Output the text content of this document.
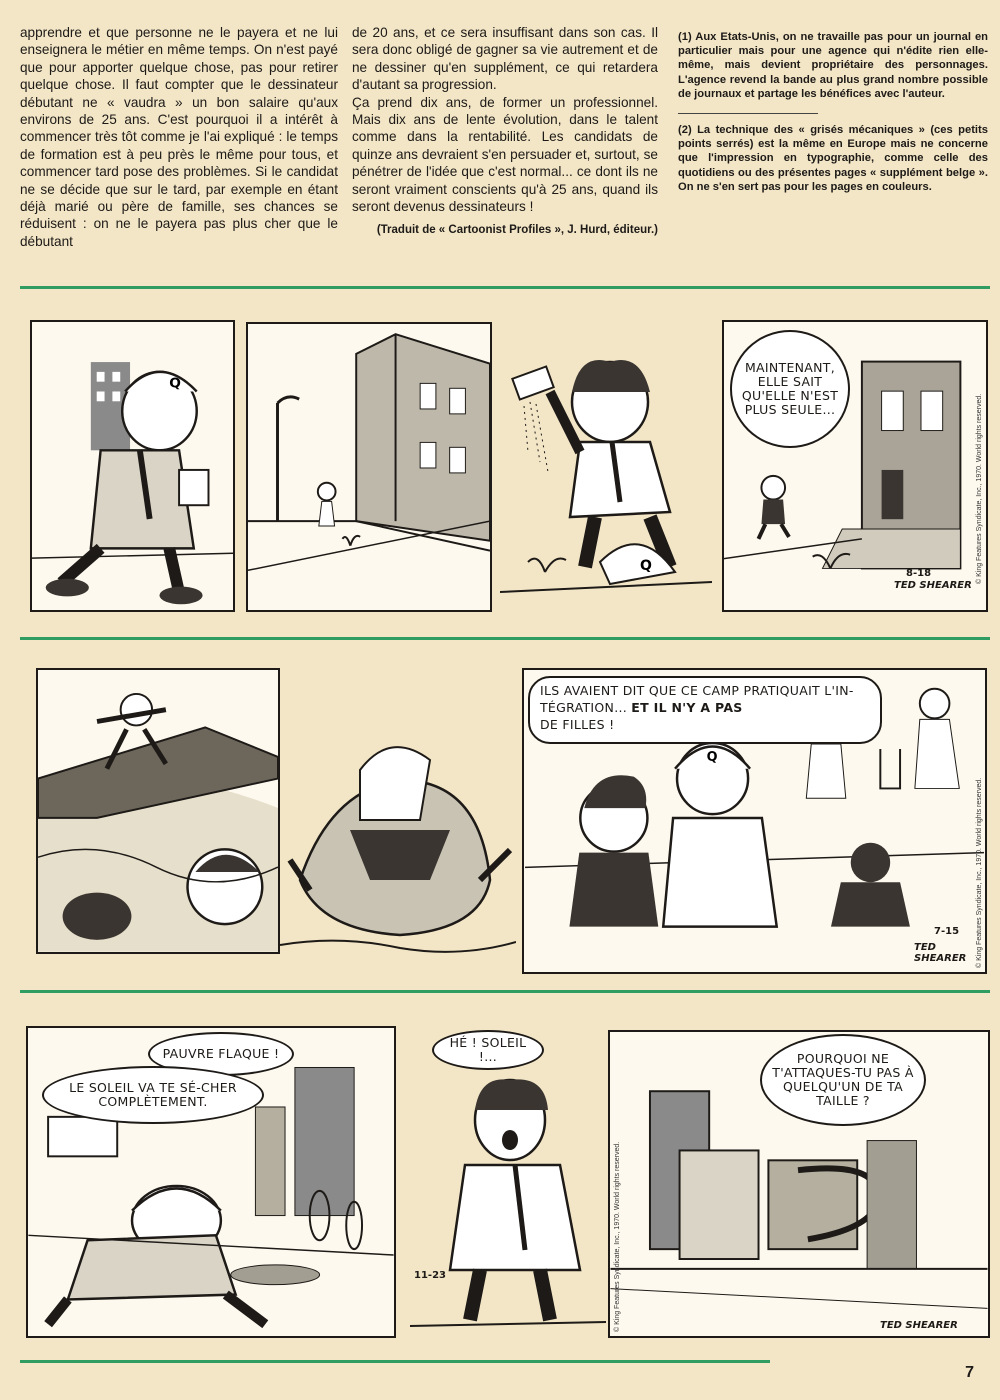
apprendre et que personne ne le payera et ne lui enseignera le métier en même temps. On n'est payé que pour apporter quelque chose, pas pour retirer quelque chose. Il faut compter que le dessinateur débutant ne « vaudra » un bon salaire qu'aux environs de 25 ans. C'est pourquoi il a intérêt à commencer très tôt comme je l'ai expliqué : le temps de formation est à peu près le même pour tous, et commencer tard pose des problèmes. Si le candidat ne se décide que sur le tard, par exemple en étant déjà marié ou père de famille, ses chances se réduisent : on ne le payera pas plus cher que le débutant

de 20 ans, et ce sera insuffisant dans son cas. Il sera donc obligé de gagner sa vie autrement et de ne dessiner qu'en supplément, ce qui retardera d'autant sa progression.

Ça prend dix ans, de former un professionnel. Mais dix ans de lente évolution, dans le talent comme dans la rentabilité. Les candidats de quinze ans devraient s'en persuader et, surtout, se pénétrer de l'idée que c'est normal... ce dont ils ne seront vraiment conscients qu'à 25 ans, quand ils seront devenus dessinateurs !

(Traduit de « Cartoonist Profiles », J. Hurd, éditeur.)

(1) Aux Etats-Unis, on ne travaille pas pour un journal en particulier mais pour une agence qui n'édite rien elle-même, mais devient propriétaire des personnages. L'agence revend la bande au plus grand nombre possible de journaux et partage les bénéfices avec l'auteur.

(2) La technique des « grisés mécaniques » (ces petits points serrés) est la même en Europe mais ne concerne que l'impression en typographie, comme celle des quotidiens ou des présentes pages « supplément belge ». On ne s'en sert pas pour les pages en couleurs.

Q
Q
MAINTENANT, ELLE SAIT QU'ELLE N'EST PLUS SEULE...
TED SHEARER
8-18	© King Features Syndicate, Inc., 1970. World rights reserved.
Q
ILS AVAIENT DIT QUE CE CAMP PRATIQUAIT L'IN-
TÉGRATION... ET IL N'Y A PAS
DE FILLES !
7-15
TED SHEARER	© King Features Syndicate, Inc., 1970. World rights reserved.
PAUVRE FLAQUE !
LE SOLEIL VA TE SÉ-CHER COMPLÈTEMENT.
HÉ ! SOLEIL !...
11-23
POURQUOI NE T'ATTAQUES-TU PAS À QUELQU'UN DE TA TAILLE ?
TED SHEARER
© King Features Syndicate, Inc., 1970. World rights reserved.
7
